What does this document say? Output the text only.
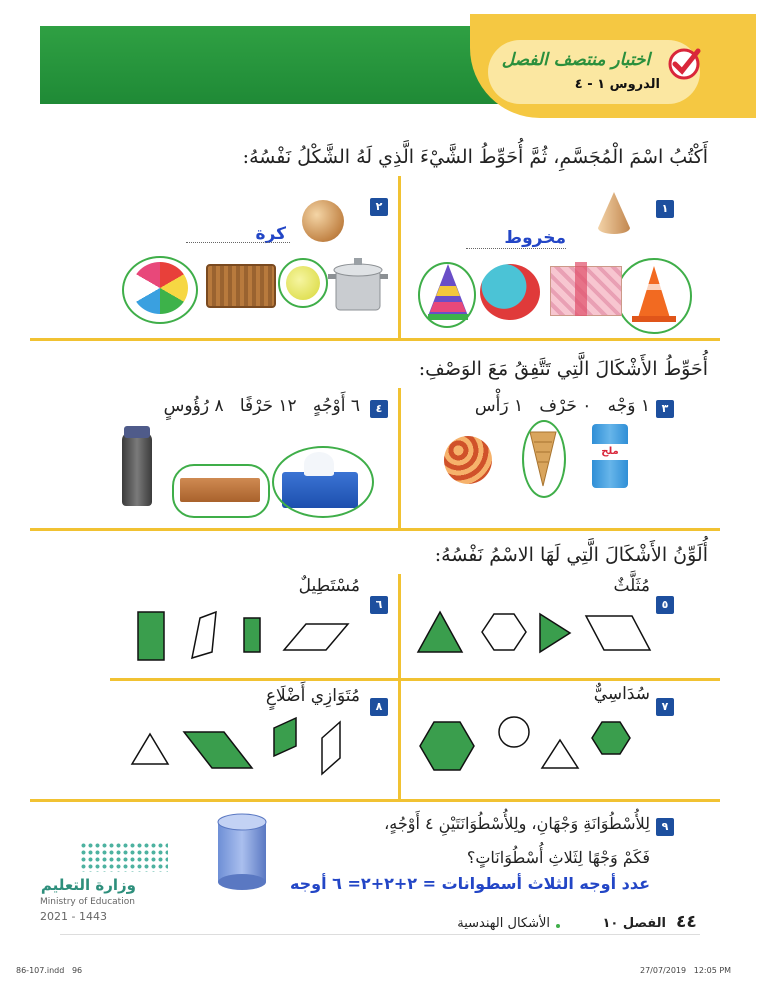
اختبار منتصف الفصل
الدروس ١ - ٤
أَكْتُبُ اسْمَ الْمُجَسَّمِ، ثُمَّ أُحَوِّطُ الشَّيْءَ الَّذِي لَهُ الشَّكْلُ نَفْسُهُ:
١
مخروط
٢
كرة
أُحَوِّطُ الأَشْكَالَ الَّتِي تَتَّفِقُ مَعَ الوَصْفِ:
٣
١ وَجْه   ٠ حَرْف   ١ رَأْس
ملح
٤
٦ أَوْجُهٍ   ١٢ حَرْفًا   ٨ رُؤُوسٍ
أُلَوِّنُ الأَشْكَالَ الَّتِي لَهَا الاسْمُ نَفْسُهُ:
٥
مُثَلَّثٌ
٦
مُسْتَطِيلٌ
٧
سُدَاسِيٌّ
٨
مُتَوَازِي أَضْلَاعٍ
٩
لِلأُسْطُوَانَةِ وَجْهَانِ، ولِلأُسْطُوَانَتَيْنِ ٤ أَوْجُهٍ،
فَكَمْ وَجْهًا لِثَلاثِ أُسْطُوَانَاتٍ؟
عدد أوجه الثلاث أسطوانات = ٢+٢+٢= ٦ أوجه
وزارة التعليم
Ministry of Education
2021 - 1443	٤٤
الفصل ١٠
الأشكال الهندسية
86-107.indd   96	27/07/2019   12:05 PM
